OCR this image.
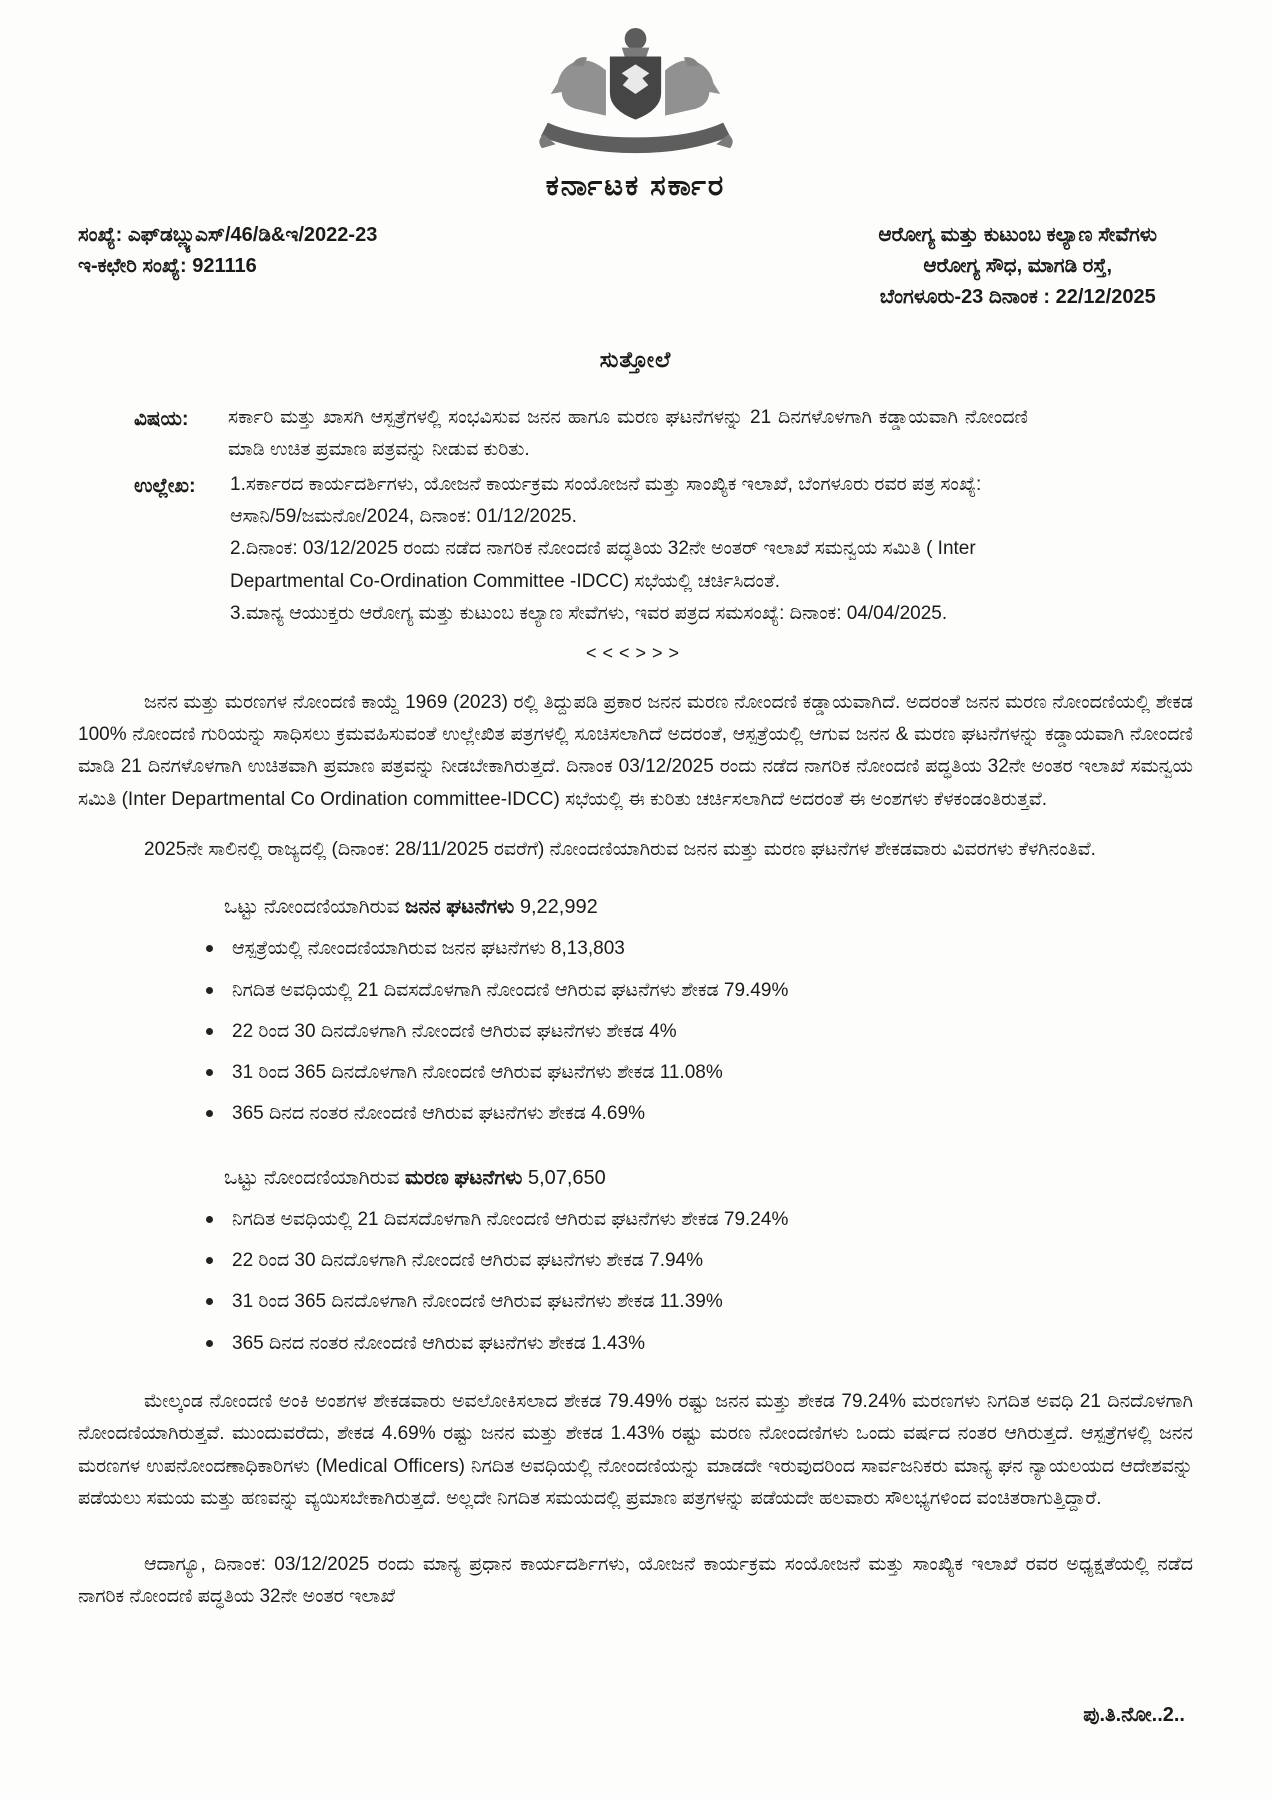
ಕರ್ನಾಟಕ ಸರ್ಕಾರ
ಸಂಖ್ಯೆ: ಎಫ್‌ಡಬ್ಲ್ಯುಎಸ್/46/ಡಿ&ಇ/2022-23
ಇ-ಕಛೇರಿ ಸಂಖ್ಯೆ: 921116
ಆರೋಗ್ಯ ಮತ್ತು ಕುಟುಂಬ ಕಲ್ಯಾಣ ಸೇವೆಗಳು
ಆರೋಗ್ಯ ಸೌಧ, ಮಾಗಡಿ ರಸ್ತೆ,
ಬೆಂಗಳೂರು-23 ದಿನಾಂಕ : 22/12/2025
ಸುತ್ತೋಲೆ
ವಿಷಯ:	ಸರ್ಕಾರಿ ಮತ್ತು ಖಾಸಗಿ ಆಸ್ಪತ್ರೆಗಳಲ್ಲಿ ಸಂಭವಿಸುವ ಜನನ ಹಾಗೂ ಮರಣ ಘಟನೆಗಳನ್ನು 21 ದಿನಗಳೊಳಗಾಗಿ ಕಡ್ಡಾಯವಾಗಿ ನೋಂದಣಿ ಮಾಡಿ ಉಚಿತ ಪ್ರಮಾಣ ಪತ್ರವನ್ನು ನೀಡುವ ಕುರಿತು.
ಉಲ್ಲೇಖ:	1.ಸರ್ಕಾರದ ಕಾರ್ಯದರ್ಶಿಗಳು, ಯೋಜನೆ ಕಾರ್ಯಕ್ರಮ ಸಂಯೋಜನೆ ಮತ್ತು ಸಾಂಖ್ಯಿಕ ಇಲಾಖೆ, ಬೆಂಗಳೂರು ರವರ ಪತ್ರ ಸಂಖ್ಯೆ: ಆಸಾನಿ/59/ಜಮನೋ/2024, ದಿನಾಂಕ: 01/12/2025.
2.ದಿನಾಂಕ: 03/12/2025 ರಂದು ನಡೆದ ನಾಗರಿಕ ನೋಂದಣಿ ಪದ್ಧತಿಯ 32ನೇ ಅಂತರ್ ಇಲಾಖೆ ಸಮನ್ವಯ ಸಮಿತಿ ( Inter Departmental Co-Ordination Committee -IDCC) ಸಭೆಯಲ್ಲಿ ಚರ್ಚಿಸಿದಂತೆ.
3.ಮಾನ್ಯ ಆಯುಕ್ತರು ಆರೋಗ್ಯ ಮತ್ತು ಕುಟುಂಬ ಕಲ್ಯಾಣ ಸೇವೆಗಳು, ಇವರ ಪತ್ರದ ಸಮಸಂಖ್ಯೆ: ದಿನಾಂಕ: 04/04/2025.
<<<>>>

ಜನನ ಮತ್ತು ಮರಣಗಳ ನೋಂದಣಿ ಕಾಯ್ದೆ 1969 (2023) ರಲ್ಲಿ ತಿದ್ದುಪಡಿ ಪ್ರಕಾರ ಜನನ ಮರಣ ನೋಂದಣಿ ಕಡ್ಡಾಯವಾಗಿದೆ. ಅದರಂತೆ ಜನನ ಮರಣ ನೋಂದಣಿಯಲ್ಲಿ ಶೇಕಡ 100% ನೋಂದಣಿ ಗುರಿಯನ್ನು ಸಾಧಿಸಲು ಕ್ರಮವಹಿಸುವಂತೆ ಉಲ್ಲೇಖಿತ ಪತ್ರಗಳಲ್ಲಿ ಸೂಚಿಸಲಾಗಿದೆ ಅದರಂತೆ, ಆಸ್ಪತ್ರೆಯಲ್ಲಿ ಆಗುವ ಜನನ & ಮರಣ ಘಟನೆಗಳನ್ನು ಕಡ್ಡಾಯವಾಗಿ ನೋಂದಣಿ ಮಾಡಿ 21 ದಿನಗಳೊಳಗಾಗಿ ಉಚಿತವಾಗಿ ಪ್ರಮಾಣ ಪತ್ರವನ್ನು ನೀಡಬೇಕಾಗಿರುತ್ತದೆ. ದಿನಾಂಕ 03/12/2025 ರಂದು ನಡೆದ ನಾಗರಿಕ ನೋಂದಣಿ ಪದ್ಧತಿಯ 32ನೇ ಅಂತರ ಇಲಾಖೆ ಸಮನ್ವಯ ಸಮಿತಿ (Inter Departmental Co Ordination committee-IDCC) ಸಭೆಯಲ್ಲಿ ಈ ಕುರಿತು ಚರ್ಚಿಸಲಾಗಿದೆ ಅದರಂತೆ ಈ ಅಂಶಗಳು ಕೆಳಕಂಡಂತಿರುತ್ತವೆ.

2025ನೇ ಸಾಲಿನಲ್ಲಿ ರಾಜ್ಯದಲ್ಲಿ (ದಿನಾಂಕ: 28/11/2025 ರವರೆಗೆ) ನೋಂದಣಿಯಾಗಿರುವ ಜನನ ಮತ್ತು ಮರಣ ಘಟನೆಗಳ ಶೇಕಡವಾರು ವಿವರಗಳು ಕೆಳಗಿನಂತಿವೆ.

ಒಟ್ಟು ನೋಂದಣಿಯಾಗಿರುವ ಜನನ ಘಟನೆಗಳು 9,22,992
ಆಸ್ಪತ್ರೆಯಲ್ಲಿ ನೋಂದಣಿಯಾಗಿರುವ ಜನನ ಘಟನೆಗಳು 8,13,803
ನಿಗದಿತ ಅವಧಿಯಲ್ಲಿ 21 ದಿವಸದೊಳಗಾಗಿ ನೋಂದಣಿ ಆಗಿರುವ ಘಟನೆಗಳು ಶೇಕಡ 79.49%
22 ರಿಂದ 30 ದಿನದೊಳಗಾಗಿ ನೋಂದಣಿ ಆಗಿರುವ ಘಟನೆಗಳು ಶೇಕಡ 4%
31 ರಿಂದ 365 ದಿನದೊಳಗಾಗಿ ನೋಂದಣಿ ಆಗಿರುವ ಘಟನೆಗಳು ಶೇಕಡ 11.08%
365 ದಿನದ ನಂತರ ನೋಂದಣಿ ಆಗಿರುವ ಘಟನೆಗಳು ಶೇಕಡ 4.69%
ಒಟ್ಟು ನೋಂದಣಿಯಾಗಿರುವ ಮರಣ ಘಟನೆಗಳು 5,07,650
ನಿಗದಿತ ಅವಧಿಯಲ್ಲಿ 21 ದಿವಸದೊಳಗಾಗಿ ನೋಂದಣಿ ಆಗಿರುವ ಘಟನೆಗಳು ಶೇಕಡ 79.24%
22 ರಿಂದ 30 ದಿನದೊಳಗಾಗಿ ನೋಂದಣಿ ಆಗಿರುವ ಘಟನೆಗಳು ಶೇಕಡ 7.94%
31 ರಿಂದ 365 ದಿನದೊಳಗಾಗಿ ನೋಂದಣಿ ಆಗಿರುವ ಘಟನೆಗಳು ಶೇಕಡ 11.39%
365 ದಿನದ ನಂತರ ನೋಂದಣಿ ಆಗಿರುವ ಘಟನೆಗಳು ಶೇಕಡ 1.43%

ಮೇಲ್ಕಂಡ ನೋಂದಣಿ ಅಂಕಿ ಅಂಶಗಳ ಶೇಕಡವಾರು ಅವಲೋಕಿಸಲಾದ ಶೇಕಡ 79.49% ರಷ್ಟು ಜನನ ಮತ್ತು ಶೇಕಡ 79.24% ಮರಣಗಳು ನಿಗದಿತ ಅವಧಿ 21 ದಿನದೊಳಗಾಗಿ ನೋಂದಣಿಯಾಗಿರುತ್ತವೆ. ಮುಂದುವರೆದು, ಶೇಕಡ 4.69% ರಷ್ಟು ಜನನ ಮತ್ತು ಶೇಕಡ 1.43% ರಷ್ಟು ಮರಣ ನೋಂದಣಿಗಳು ಒಂದು ವರ್ಷದ ನಂತರ ಆಗಿರುತ್ತದೆ. ಆಸ್ಪತ್ರೆಗಳಲ್ಲಿ ಜನನ ಮರಣಗಳ ಉಪನೋಂದಣಾಧಿಕಾರಿಗಳು (Medical Officers) ನಿಗದಿತ ಅವಧಿಯಲ್ಲಿ ನೋಂದಣಿಯನ್ನು ಮಾಡದೇ ಇರುವುದರಿಂದ ಸಾರ್ವಜನಿಕರು ಮಾನ್ಯ ಘನ ನ್ಯಾಯಲಯದ ಆದೇಶವನ್ನು ಪಡೆಯಲು ಸಮಯ ಮತ್ತು ಹಣವನ್ನು ವ್ಯಯಿಸಬೇಕಾಗಿರುತ್ತದೆ. ಅಲ್ಲದೇ ನಿಗದಿತ ಸಮಯದಲ್ಲಿ ಪ್ರಮಾಣ ಪತ್ರಗಳನ್ನು ಪಡೆಯದೇ ಹಲವಾರು ಸೌಲಭ್ಯಗಳಿಂದ ವಂಚಿತರಾಗುತ್ತಿದ್ದಾರೆ.

ಆದಾಗ್ಯೂ, ದಿನಾಂಕ: 03/12/2025 ರಂದು ಮಾನ್ಯ ಪ್ರಧಾನ ಕಾರ್ಯದರ್ಶಿಗಳು, ಯೋಜನೆ ಕಾರ್ಯಕ್ರಮ ಸಂಯೋಜನೆ ಮತ್ತು ಸಾಂಖ್ಯಿಕ ಇಲಾಖೆ ರವರ ಅಧ್ಯಕ್ಷತೆಯಲ್ಲಿ ನಡೆದ ನಾಗರಿಕ ನೋಂದಣಿ ಪದ್ಧತಿಯ 32ನೇ ಅಂತರ ಇಲಾಖೆ

ಪು.ತಿ.ನೋ..2..
